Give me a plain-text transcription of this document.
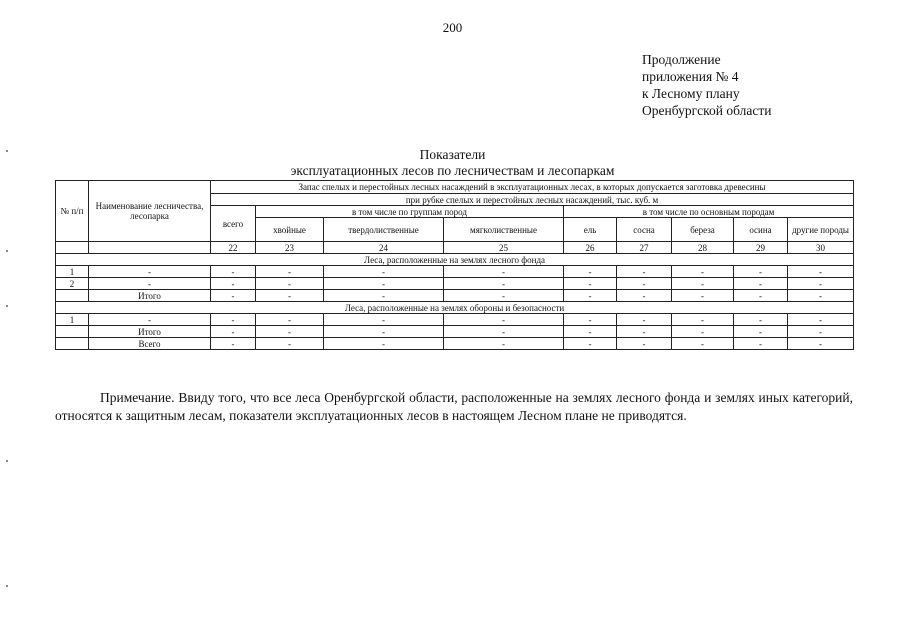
200
Продолжение
приложения № 4
к Лесному плану
Оренбургской области
Показатели
эксплуатационных лесов по лесничествам и лесопаркам
№ п/п	Наименование лесничества, лесопарка	Запас спелых и перестойных лесных насаждений в эксплуатационных лесах, в которых допускается заготовка древесины								
		при рубке спелых и перестойных лесных насаждений, тыс. куб. м								
		всего	в том числе по группам пород			в том числе по основным породам				
			хвойные	твердолиственные	мягколиственные	ель	сосна	береза	осина	другие породы
		22	23	24	25	26	27	28	29	30
Леса, расположенные на землях лесного фонда										
1	-	-	-	-	-	-	-	-	-	-
2	-	-	-	-	-	-	-	-	-	-
	Итого	-	-	-	-	-	-	-	-	-
Леса, расположенные на землях обороны и безопасности										
1	-	-	-	-	-	-	-	-	-	-
	Итого	-	-	-	-	-	-	-	-	-
	Всего	-	-	-	-	-	-	-	-	-
Примечание. Ввиду того, что все леса Оренбургской области, расположенные на землях лесного фонда и землях иных категорий, относятся к защитным лесам, показатели эксплуатационных лесов в настоящем Лесном плане не приводятся.
